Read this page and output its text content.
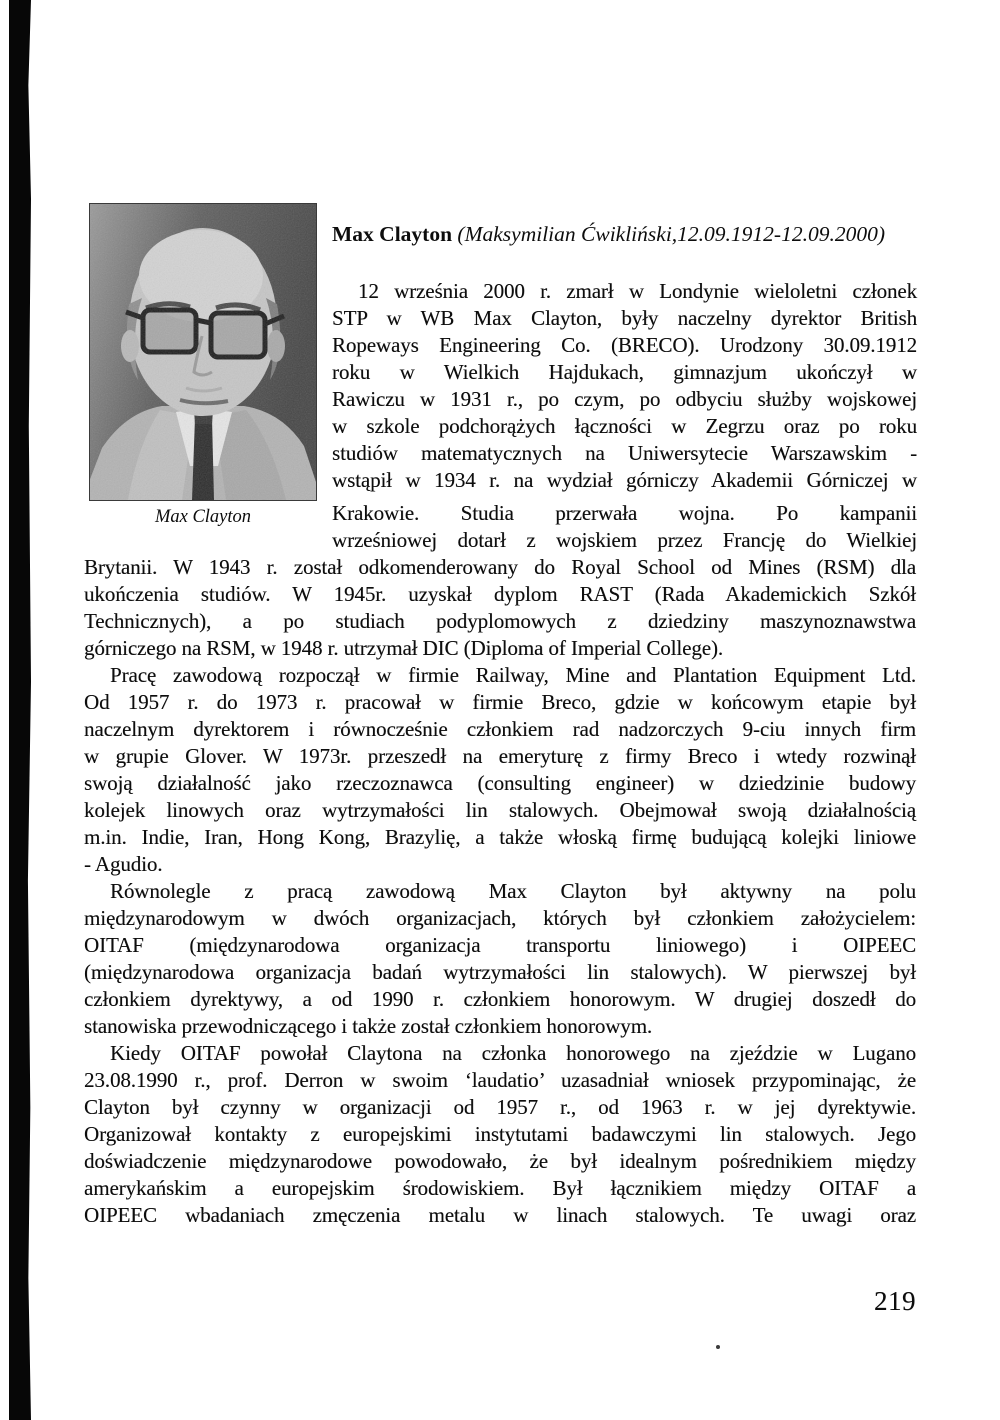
Max Clayton (Maksymilian Ćwikliński,12.09.1912-12.09.2000)
12 września 2000 r. zmarł w Londynie wieloletni członek
STP w WB Max Clayton, były naczelny dyrektor British
Ropeways Engineering Co. (BRECO). Urodzony 30.09.1912
roku w Wielkich Hajdukach, gimnazjum ukończył w
Rawiczu w 1931 r., po czym, po odbyciu służby wojskowej
w szkole podchorążych łączności w Zegrzu oraz po roku
studiów matematycznych na Uniwersytecie Warszawskim -
wstąpił w 1934 r. na wydział górniczy Akademii Górniczej w
Max Clayton	Krakowie. Studia przerwała wojna. Po kampanii
wrześniowej dotarł z wojskiem przez Francję do Wielkiej
Brytanii. W 1943 r. został odkomenderowany do Royal School od Mines (RSM) dla
ukończenia studiów. W 1945r. uzyskał dyplom RAST (Rada Akademickich Szkół
Technicznych), a po studiach podyplomowych z dziedziny maszynoznawstwa
górniczego na RSM, w 1948 r. utrzymał DIC (Diploma of Imperial College).
Pracę zawodową rozpoczął w firmie Railway, Mine and Plantation Equipment Ltd.
Od 1957 r. do 1973 r. pracował w firmie Breco, gdzie w końcowym etapie był
naczelnym dyrektorem i równocześnie członkiem rad nadzorczych 9-ciu innych firm
w grupie Glover. W 1973r. przeszedł na emeryturę z firmy Breco i wtedy rozwinął
swoją działalność jako rzeczoznawca (consulting engineer) w dziedzinie budowy
kolejek linowych oraz wytrzymałości lin stalowych. Obejmował swoją działalnością
m.in. Indie, Iran, Hong Kong, Brazylię, a także włoską firmę budującą kolejki liniowe
- Agudio.
Równolegle z pracą zawodową Max Clayton był aktywny na polu
międzynarodowym w dwóch organizacjach, których był członkiem założycielem:
OITAF (międzynarodowa organizacja transportu liniowego) i OIPEEC
(międzynarodowa organizacja badań wytrzymałości lin stalowych). W pierwszej był
członkiem dyrektywy, a od 1990 r. członkiem honorowym. W drugiej doszedł do
stanowiska przewodniczącego i także został członkiem honorowym.
Kiedy OITAF powołał Claytona na członka honorowego na zjeździe w Lugano
23.08.1990 r., prof. Derron w swoim ‘laudatio’ uzasadniał wniosek przypominając, że
Clayton był czynny w organizacji od 1957 r., od 1963 r. w jej dyrektywie.
Organizował kontakty z europejskimi instytutami badawczymi lin stalowych. Jego
doświadczenie międzynarodowe powodowało, że był idealnym pośrednikiem między
amerykańskim a europejskim środowiskiem. Był łącznikiem między OITAF a
OIPEEC wbadaniach zmęczenia metalu w linach stalowych. Te uwagi oraz
219
